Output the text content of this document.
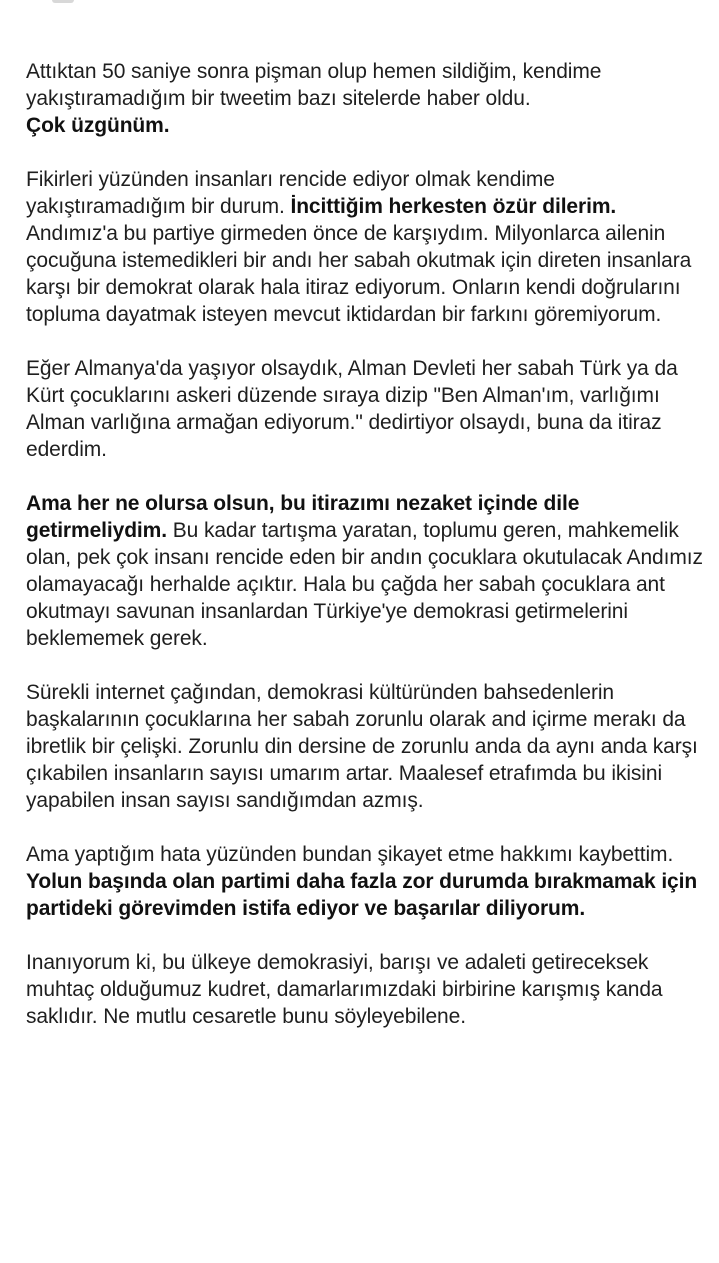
Attıktan 50 saniye sonra pişman olup hemen sildiğim, kendime yakıştıramadığım bir tweetim bazı sitelerde haber oldu.
Çok üzgünüm.

Fikirleri yüzünden insanları rencide ediyor olmak kendime yakıştıramadığım bir durum. İncittiğim herkesten özür dilerim. Andımız'a bu partiye girmeden önce de karşıydım. Milyonlarca ailenin çocuğuna istemedikleri bir andı her sabah okutmak için direten insanlara karşı bir demokrat olarak hala itiraz ediyorum. Onların kendi doğrularını topluma dayatmak isteyen mevcut iktidardan bir farkını göremiyorum.

Eğer Almanya'da yaşıyor olsaydık, Alman Devleti her sabah Türk ya da Kürt çocuklarını askeri düzende sıraya dizip "Ben Alman'ım, varlığımı Alman varlığına armağan ediyorum." dedirtiyor olsaydı, buna da itiraz ederdim.

Ama her ne olursa olsun, bu itirazımı nezaket içinde dile getirmeliydim. Bu kadar tartışma yaratan, toplumu geren, mahkemelik olan, pek çok insanı rencide eden bir andın çocuklara okutulacak Andımız olamayacağı herhalde açıktır. Hala bu çağda her sabah çocuklara ant okutmayı savunan insanlardan Türkiye'ye demokrasi getirmelerini beklememek gerek.

Sürekli internet çağından, demokrasi kültüründen bahsedenlerin başkalarının çocuklarına her sabah zorunlu olarak and içirme merakı da ibretlik bir çelişki. Zorunlu din dersine de zorunlu anda da aynı anda karşı çıkabilen insanların sayısı umarım artar. Maalesef etrafımda bu ikisini yapabilen insan sayısı sandığımdan azmış.

Ama yaptığım hata yüzünden bundan şikayet etme hakkımı kaybettim. Yolun başında olan partimi daha fazla zor durumda bırakmamak için partideki görevimden istifa ediyor ve başarılar diliyorum.

Inanıyorum ki, bu ülkeye demokrasiyi, barışı ve adaleti getireceksek muhtaç olduğumuz kudret, damarlarımızdaki birbirine karışmış kanda saklıdır. Ne mutlu cesaretle bunu söyleyebilene.
